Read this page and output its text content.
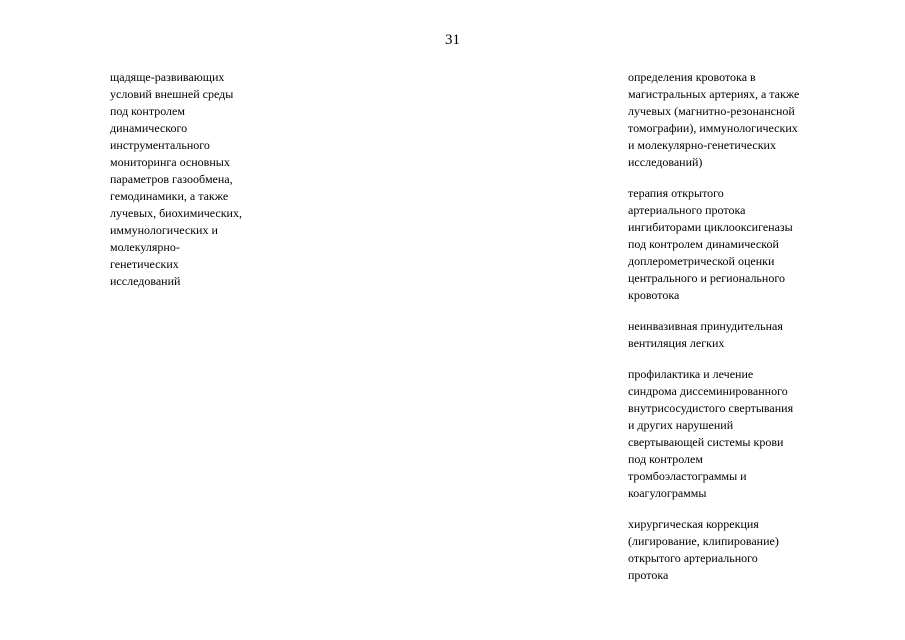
31
щадяще-развивающих
условий внешней среды
под контролем
динамического
инструментального
мониторинга основных
параметров газообмена,
гемодинамики, а также
лучевых, биохимических,
иммунологических и
молекулярно-
генетических
исследований
определения кровотока в
магистральных артериях, а также
лучевых (магнитно-резонансной
томографии), иммунологических
и молекулярно-генетических
исследований)
терапия открытого
артериального протока
ингибиторами циклооксигеназы
под контролем динамической
доплерометрической оценки
центрального и регионального
кровотока
неинвазивная принудительная
вентиляция легких
профилактика и лечение
синдрома диссеминированного
внутрисосудистого свертывания
и других нарушений
свертывающей системы крови
под контролем
тромбоэластограммы и
коагулограммы
хирургическая коррекция
(лигирование, клипирование)
открытого артериального
протока
